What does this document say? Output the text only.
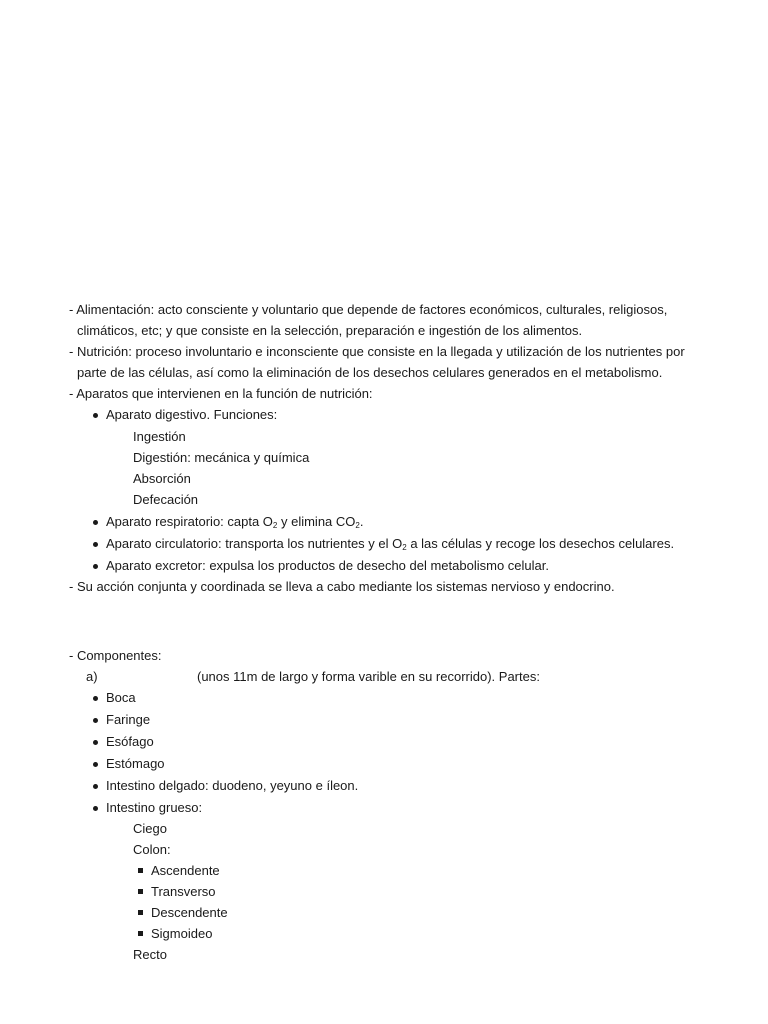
- Alimentación: acto consciente y voluntario que depende de factores económicos, culturales, religiosos,
climáticos, etc; y que consiste en la selección, preparación e ingestión de los alimentos.
- Nutrición: proceso involuntario e inconsciente que consiste en la llegada y utilización de los nutrientes por
parte de las células, así como la eliminación de los desechos celulares generados en el metabolismo.
- Aparatos que intervienen en la función de nutrición:
Aparato digestivo. Funciones:
Ingestión
Digestión: mecánica y química
Absorción
Defecación
Aparato respiratorio: capta $O_2$ y elimina $CO_2$.
Aparato circulatorio: transporta los nutrientes y el $O_2$ a las células y recoge los desechos celulares.
Aparato excretor: expulsa los productos de desecho del metabolismo celular.
- Su acción conjunta y coordinada se lleva a cabo mediante los sistemas nervioso y endocrino.
- Componentes:
a)	(unos 11m de largo y forma varible en su recorrido). Partes:
Boca
Faringe
Esófago
Estómago
Intestino delgado: duodeno, yeyuno e íleon.
Intestino grueso:
Ciego
Colon:
Ascendente
Transverso
Descendente
Sigmoideo
Recto
